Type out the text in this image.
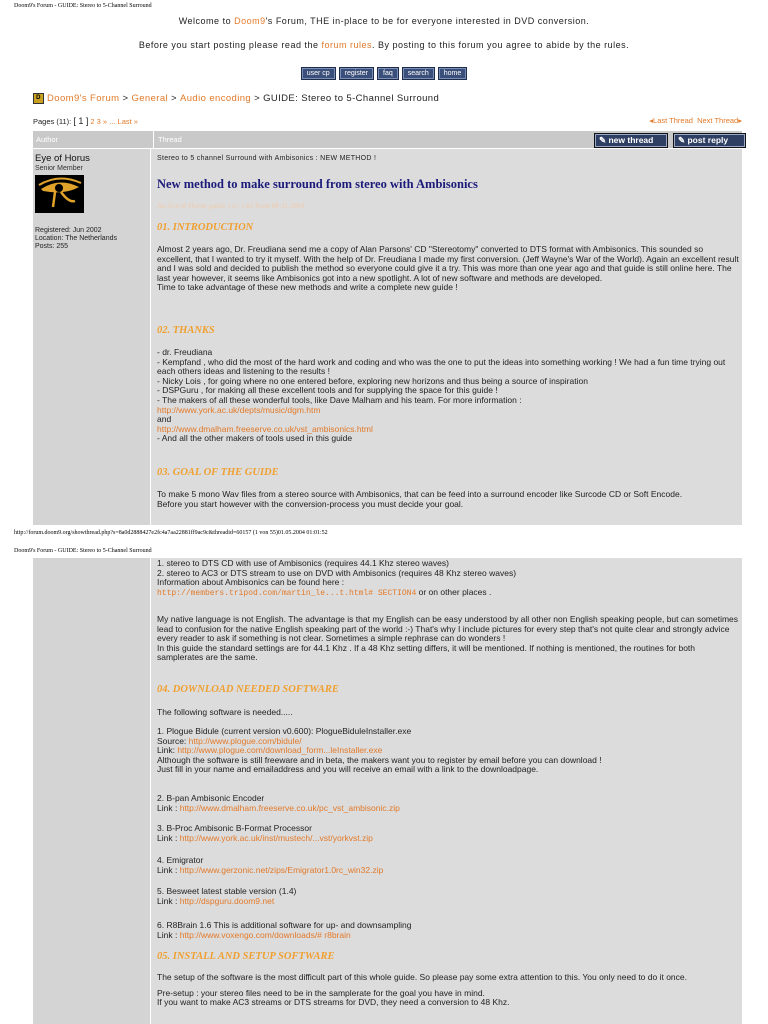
Doom9's Forum - GUIDE: Stereo to 5-Channel Surround
Welcome to Doom9's Forum, THE in-place to be for everyone interested in DVD conversion.
Before you start posting please read the forum rules. By posting to this forum you agree to abide by the rules.
user cp	register	faq	search	home
D Doom9's Forum > General > Audio encoding > GUIDE: Stereo to 5-Channel Surround
Pages (11): [ 1 ] 2 3 » ... Last »	◂Last Thread Next Thread▸
Author	Thread	✎ new thread	✎ post reply
Eye of Horus
Senior Member
Registered: Jun 2002
Location: The Netherlands
Posts: 255
Stereo to 5 channel Surround with Ambisonics : NEW METHOD !
New method to make surround from stereo with Ambisonics
An Eye of Horus guide, rev. 1.01 from 08-31-2003
01. INTRODUCTION

Almost 2 years ago, Dr. Freudiana send me a copy of Alan Parsons' CD "Stereotomy" converted to DTS format with Ambisonics. This sounded so excellent, that I wanted to try it myself. With the help of Dr. Freudiana I made my first conversion. (Jeff Wayne's War of the World). Again an excellent result and I was sold and decided to publish the method so everyone could give it a try. This was more than one year ago and that guide is still online here. The last year however, it seems like Ambisonics got into a new spotlight. A lot of new software and methods are developed.

Time to take advantage of these new methods and write a complete new guide !

02. THANKS

- dr. Freudiana

- Kempfand , who did the most of the hard work and coding and who was the one to put the ideas into something working ! We had a fun time trying out each others ideas and listening to the results !

- Nicky Lois , for going where no one entered before, exploring new horizons and thus being a source of inspiration

- DSPGuru , for making all these excellent tools and for supplying the space for this guide !

- The makers of all these wonderful tools, like Dave Malham and his team. For more information :

http://www.york.ac.uk/depts/music/dgm.htm

and

http://www.dmalham.freeserve.co.uk/vst_ambisonics.html

- And all the other makers of tools used in this guide

03. GOAL OF THE GUIDE

To make 5 mono Wav files from a stereo source with Ambisonics, that can be feed into a surround encoder like Surcode CD or Soft Encode.

Before you start however with the conversion-process you must decide your goal.

http://forum.doom9.org/showthread.php?s=8a0d2888427e2fc4a7aa22881ff9ac9c&threadid=60157 (1 von 55)01.05.2004 01:01:52
Doom9's Forum - GUIDE: Stereo to 5-Channel Surround

1. stereo to DTS CD with use of Ambisonics (requires 44.1 Khz stereo waves)

2. stereo to AC3 or DTS stream to use on DVD with Ambisonics (requires 48 Khz stereo waves)

Information about Ambisonics can be found here :

http://members.tripod.com/martin_le...t.html# SECTION4 or on other places .

My native language is not English. The advantage is that my English can be easy understood by all other non English speaking people, but can sometimes lead to confusion for the native English speaking part of the world :-) That's why I include pictures for every step that's not quite clear and strongly advice every reader to ask if something is not clear. Sometimes a simple rephrase can do wonders !

In this guide the standard settings are for 44.1 Khz . If a 48 Khz setting differs, it will be mentioned. If nothing is mentioned, the routines for both samplerates are the same.

04. DOWNLOAD NEEDED SOFTWARE
The following software is needed.....

1. Plogue Bidule (current version v0.600): PlogueBiduleInstaller.exe

Source: http://www.plogue.com/bidule/

Link: http://www.plogue.com/download_form...leInstaller.exe

Although the software is still freeware and in beta, the makers want you to register by email before you can download !

Just fill in your name and emailaddress and you will receive an email with a link to the downloadpage.

2. B-pan Ambisonic Encoder

Link : http://www.dmalham.freeserve.co.uk/pc_vst_ambisonic.zip

3. B-Proc Ambisonic B-Format Processor

Link : http://www.york.ac.uk/inst/mustech/...vst/yorkvst.zip

4. Emigrator

Link : http://www.gerzonic.net/zips/Emigrator1.0rc_win32.zip

5. Besweet latest stable version (1.4)

Link : http://dspguru.doom9.net

6. R8Brain 1.6 This is additional software for up- and downsampling

Link : http://www.voxengo.com/downloads/# r8brain

05. INSTALL AND SETUP SOFTWARE

The setup of the software is the most difficult part of this whole guide. So please pay some extra attention to this. You only need to do it once.

Pre-setup : your stereo files need to be in the samplerate for the goal you have in mind.

If you want to make AC3 streams or DTS streams for DVD, they need a conversion to 48 Khz.
